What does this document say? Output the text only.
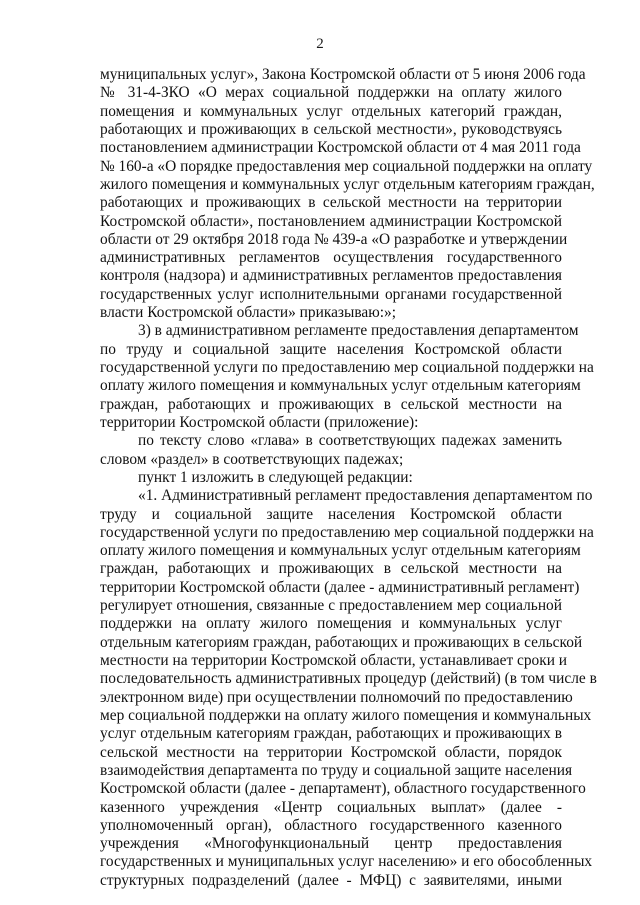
2
муниципальных услуг», Закона Костромской области от 5 июня 2006 года
№ 31-4-ЗКО «О мерах социальной поддержки на оплату жилого
помещения и коммунальных услуг отдельных категорий граждан,
работающих и проживающих в сельской местности», руководствуясь
постановлением администрации Костромской области от 4 мая 2011 года
№ 160-а «О порядке предоставления мер социальной поддержки на оплату
жилого помещения и коммунальных услуг отдельным категориям граждан,
работающих и проживающих в сельской местности на территории
Костромской области», постановлением администрации Костромской
области от 29 октября 2018 года № 439-а «О разработке и утверждении
административных регламентов осуществления государственного
контроля (надзора) и административных регламентов предоставления
государственных услуг исполнительными органами государственной
власти Костромской области» приказываю:»;
3) в административном регламенте предоставления департаментом
по труду и социальной защите населения Костромской области
государственной услуги по предоставлению мер социальной поддержки на
оплату жилого помещения и коммунальных услуг отдельным категориям
граждан, работающих и проживающих в сельской местности на
территории Костромской области (приложение):
по тексту слово «глава» в соответствующих падежах заменить
словом «раздел» в соответствующих падежах;
пункт 1 изложить в следующей редакции:
«1. Административный регламент предоставления департаментом по
труду и социальной защите населения Костромской области
государственной услуги по предоставлению мер социальной поддержки на
оплату жилого помещения и коммунальных услуг отдельным категориям
граждан, работающих и проживающих в сельской местности на
территории Костромской области (далее - административный регламент)
регулирует отношения, связанные с предоставлением мер социальной
поддержки на оплату жилого помещения и коммунальных услуг
отдельным категориям граждан, работающих и проживающих в сельской
местности на территории Костромской области, устанавливает сроки и
последовательность административных процедур (действий) (в том числе в
электронном виде) при осуществлении полномочий по предоставлению
мер социальной поддержки на оплату жилого помещения и коммунальных
услуг отдельным категориям граждан, работающих и проживающих в
сельской местности на территории Костромской области, порядок
взаимодействия департамента по труду и социальной защите населения
Костромской области (далее - департамент), областного государственного
казенного учреждения «Центр социальных выплат» (далее -
уполномоченный орган), областного государственного казенного
учреждения «Многофункциональный центр предоставления
государственных и муниципальных услуг населению» и его обособленных
структурных подразделений (далее - МФЦ) с заявителями, иными
